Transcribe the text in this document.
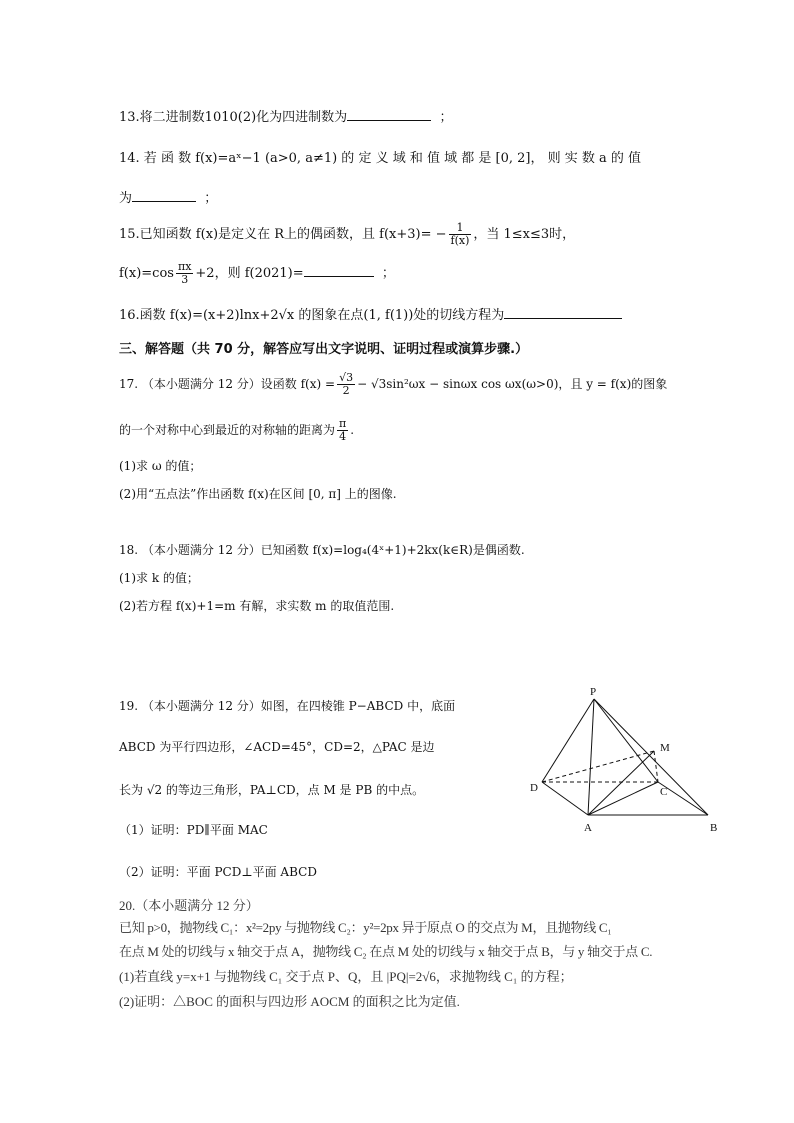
13.将二进制数1010(2)化为四进制数为	；
14. 若 函 数 f(x)=aˣ−1 (a>0, a≠1) 的 定 义 域 和 值 域 都 是 [0, 2]， 则 实 数 a 的 值
为	；
15.已知函数 f(x)是定义在 R上的偶函数，且 $f(x+3)= - \frac{1}{f(x)}$ ，当 1≤x≤3时，
$f(x)=\cos \frac{\pi x}{3} +2$，则 f(2021)=	；
16.函数 f(x)=(x+2)lnx+2√x 的图象在点(1, f(1))处的切线方程为
三、解答题（共 70 分，解答应写出文字说明、证明过程或演算步骤.）
17. （本小题满分 12 分）设函数 $f(x) = \frac{√3}{2} - √3\sin^2\omega x - \sin\omega x$ cos ωx(ω>0)，且 y = f(x)的图象
的一个对称中心到最近的对称轴的距离为 $\frac{\pi}{4}$ .
(1)求 ω 的值；
(2)用“五点法”作出函数 f(x)在区间 [0, π] 上的图像.
18. （本小题满分 12 分）已知函数 f(x)=log₄(4ˣ+1)+2kx(k∈R)是偶函数.
(1)求 k 的值；
(2)若方程 f(x)+1=m 有解，求实数 m 的取值范围.
19. （本小题满分 12 分）如图，在四棱锥 P−ABCD 中，底面
ABCD 为平行四边形，∠ACD=45°，CD=2，△PAC 是边
长为 √2 的等边三角形，PA⊥CD，点 M 是 PB 的中点。
（1）证明：PD∥平面 MAC
（2）证明：平面 PCD⊥平面 ABCD
P
M
D	C
A	B
20.（本小题满分 12 分）
已知 p>0，抛物线 C₁：x²=2py 与抛物线 C₂：y²=2px 异于原点 O 的交点为 M，且抛物线 C₁
在点 M 处的切线与 x 轴交于点 A，抛物线 C₂ 在点 M 处的切线与 x 轴交于点 B，与 y 轴交于点 C.
(1)若直线 y=x+1 与抛物线 C₁ 交于点 P、Q，且 |PQ|=2√6，求抛物线 C₁ 的方程；
(2)证明：△BOC 的面积与四边形 AOCM 的面积之比为定值.
